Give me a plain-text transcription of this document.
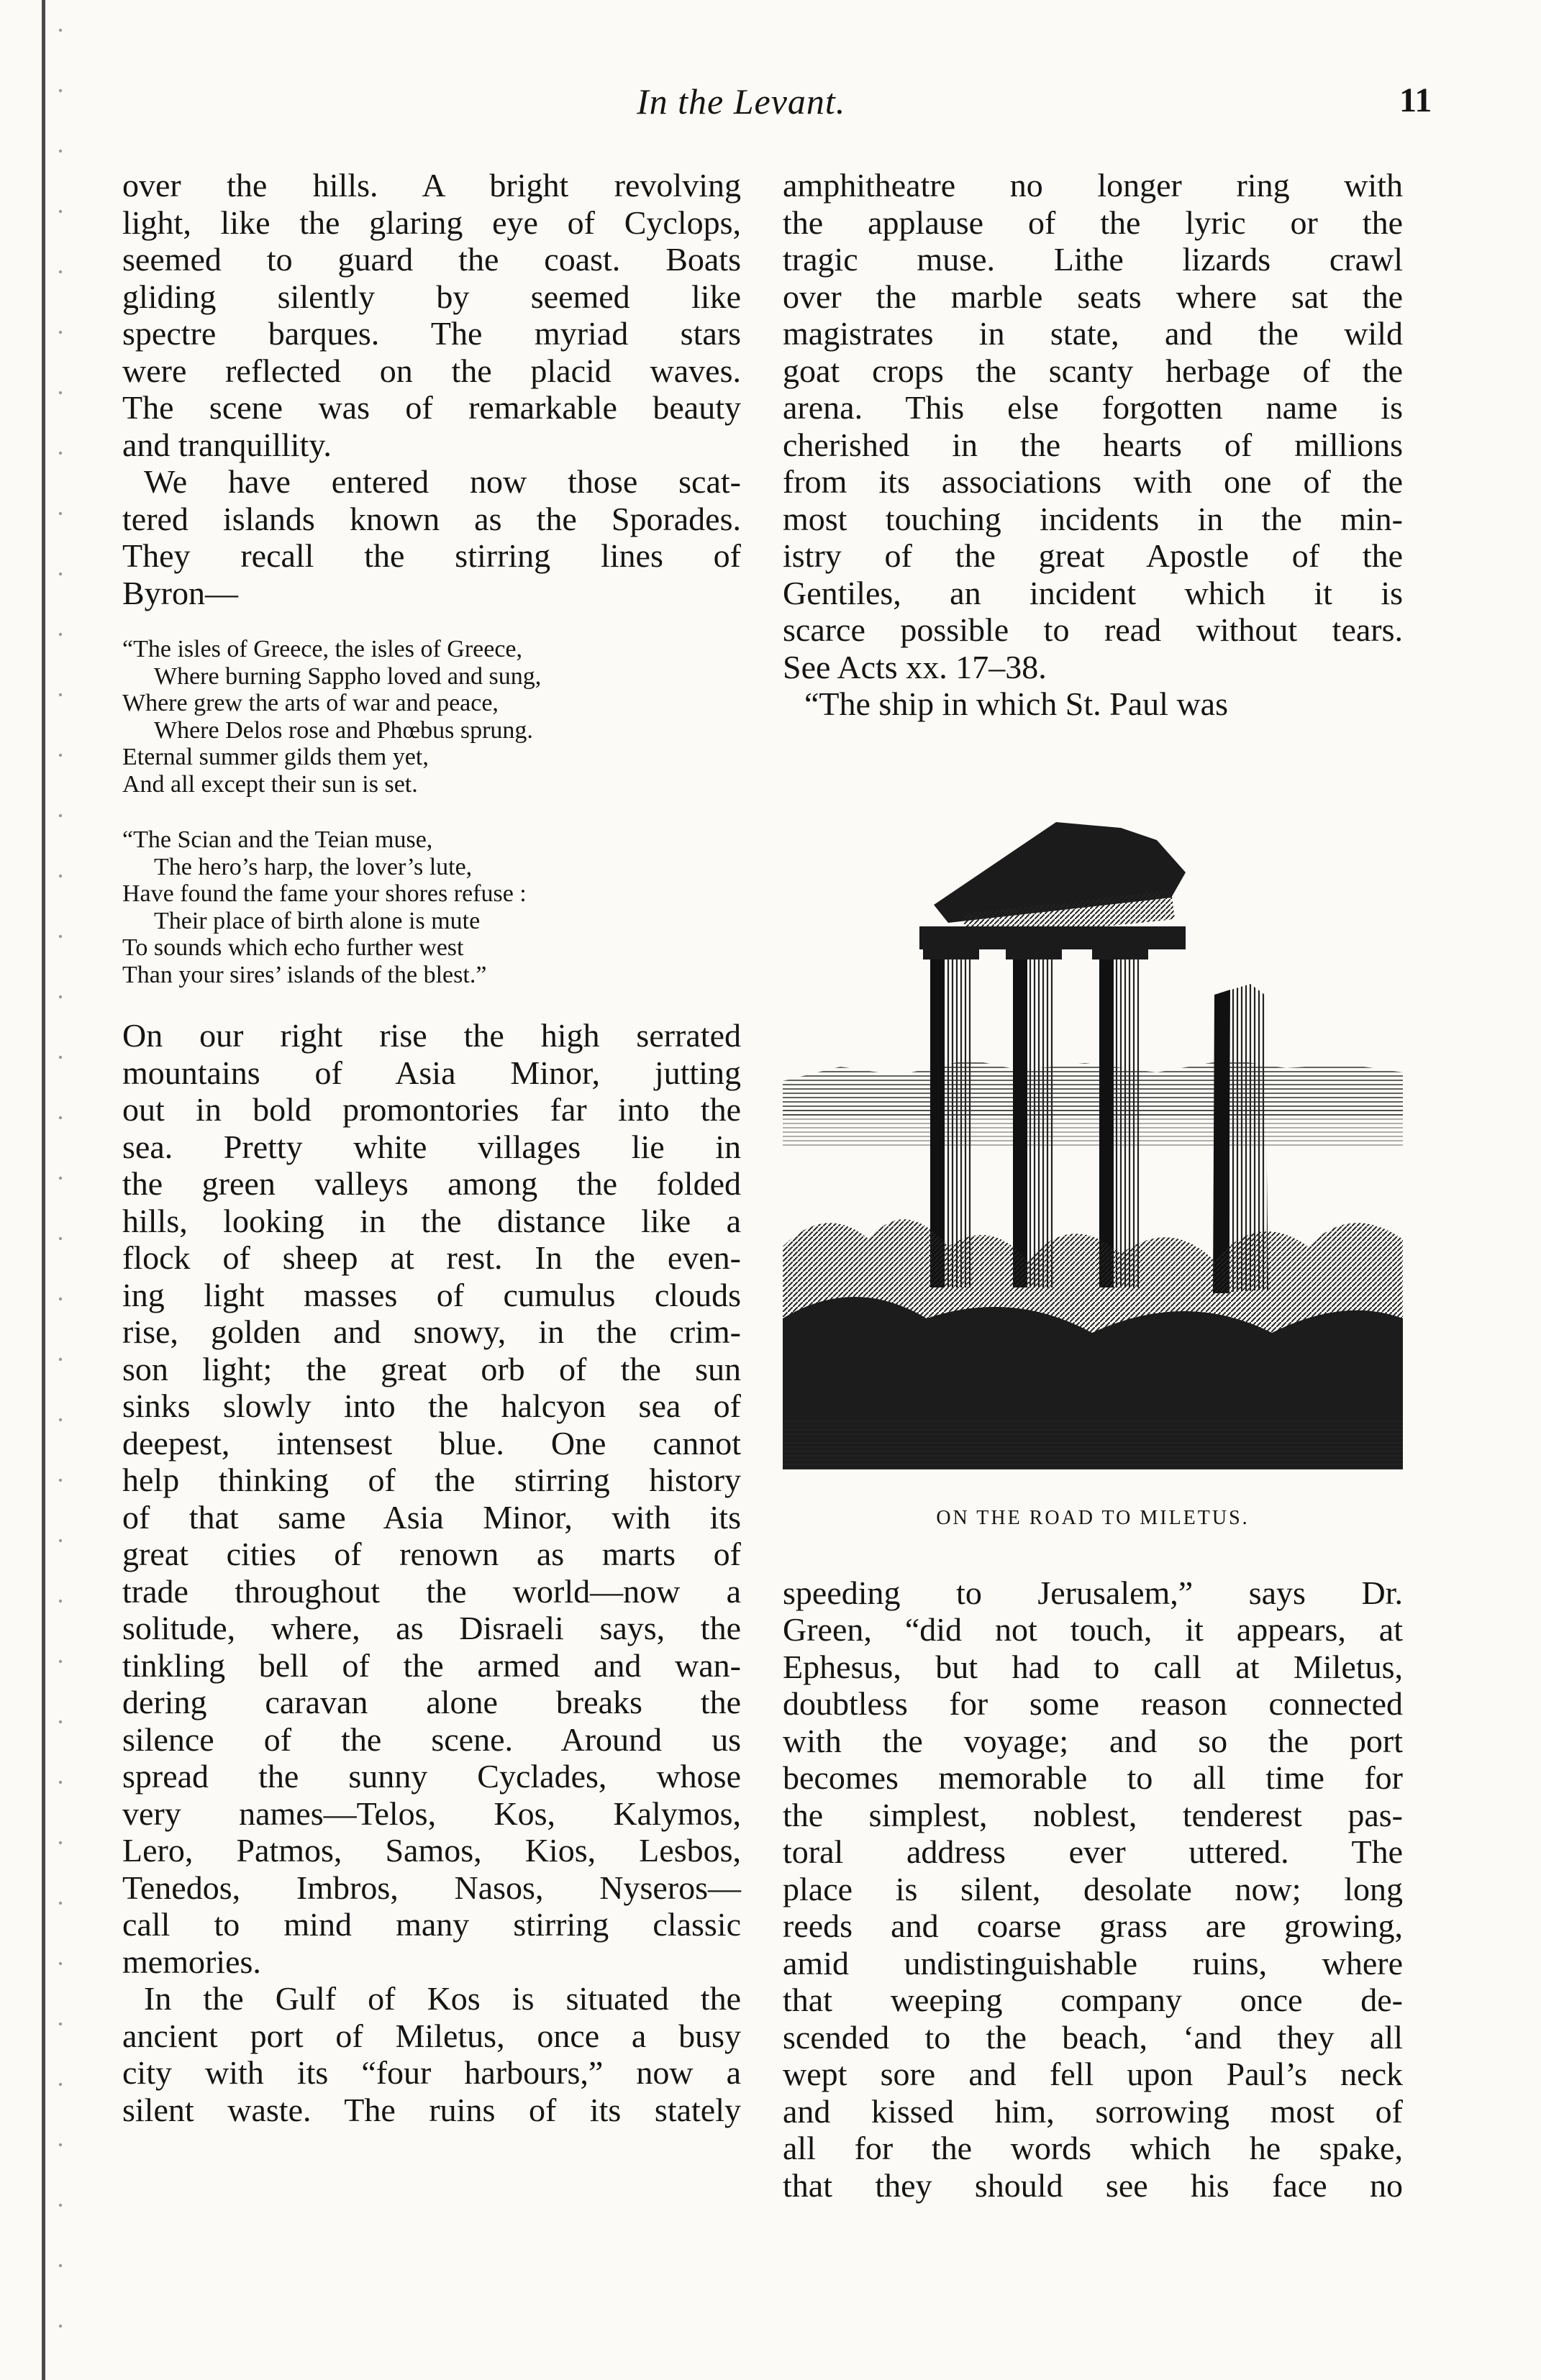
In the Levant.	11
over the hills. A bright revolving
light, like the glaring eye of Cyclops,
seemed to guard the coast. Boats
gliding silently by seemed like
spectre barques. The myriad stars
were reflected on the placid waves.
The scene was of remarkable beauty
and tranquillity.
We have entered now those scat-
tered islands known as the Sporades.
They recall the stirring lines of
Byron—
“The isles of Greece, the isles of Greece,
Where burning Sappho loved and sung,
Where grew the arts of war and peace,
Where Delos rose and Phœbus sprung.
Eternal summer gilds them yet,
And all except their sun is set.
“The Scian and the Teian muse,
The hero’s harp, the lover’s lute,
Have found the fame your shores refuse :
Their place of birth alone is mute
To sounds which echo further west
Than your sires’ islands of the blest.”
On our right rise the high serrated
mountains of Asia Minor, jutting
out in bold promontories far into the
sea. Pretty white villages lie in
the green valleys among the folded
hills, looking in the distance like a
flock of sheep at rest. In the even-
ing light masses of cumulus clouds
rise, golden and snowy, in the crim-
son light; the great orb of the sun
sinks slowly into the halcyon sea of
deepest, intensest blue. One cannot
help thinking of the stirring history
of that same Asia Minor, with its
great cities of renown as marts of
trade throughout the world—now a
solitude, where, as Disraeli says, the
tinkling bell of the armed and wan-
dering caravan alone breaks the
silence of the scene. Around us
spread the sunny Cyclades, whose
very names—Telos, Kos, Kalymos,
Lero, Patmos, Samos, Kios, Lesbos,
Tenedos, Imbros, Nasos, Nyseros—
call to mind many stirring classic
memories.
In the Gulf of Kos is situated the
ancient port of Miletus, once a busy
city with its “four harbours,” now a
silent waste. The ruins of its stately
amphitheatre no longer ring with
the applause of the lyric or the
tragic muse. Lithe lizards crawl
over the marble seats where sat the
magistrates in state, and the wild
goat crops the scanty herbage of the
arena. This else forgotten name is
cherished in the hearts of millions
from its associations with one of the
most touching incidents in the min-
istry of the great Apostle of the
Gentiles, an incident which it is
scarce possible to read without tears.
See Acts xx. 17–38.
“The ship in which St. Paul was
ON THE ROAD TO MILETUS.
speeding to Jerusalem,” says Dr.
Green, “did not touch, it appears, at
Ephesus, but had to call at Miletus,
doubtless for some reason connected
with the voyage; and so the port
becomes memorable to all time for
the simplest, noblest, tenderest pas-
toral address ever uttered. The
place is silent, desolate now; long
reeds and coarse grass are growing,
amid undistinguishable ruins, where
that weeping company once de-
scended to the beach, ‘and they all
wept sore and fell upon Paul’s neck
and kissed him, sorrowing most of
all for the words which he spake,
that they should see his face no
